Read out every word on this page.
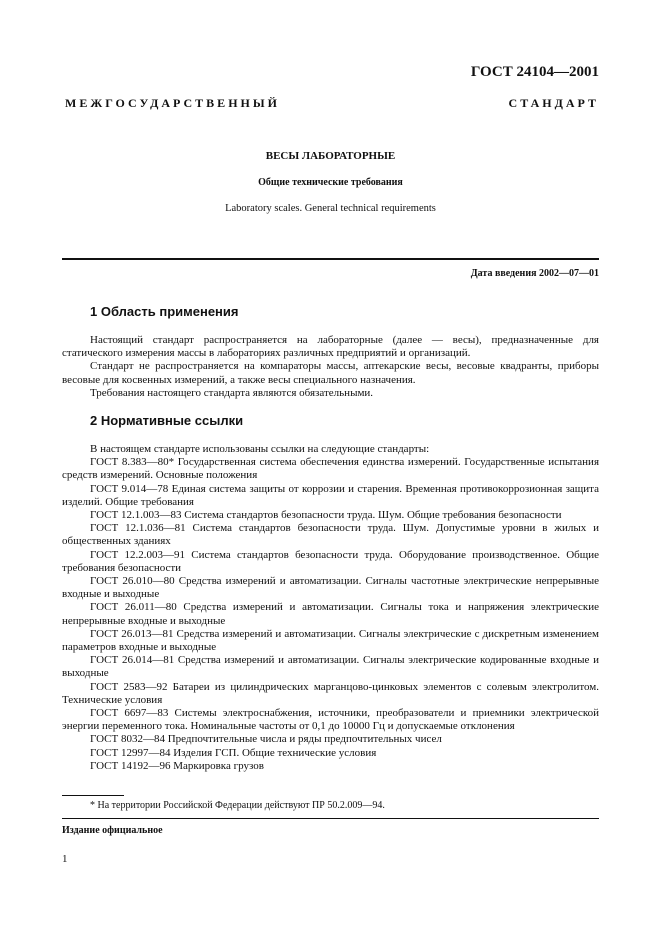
ГОСТ 24104—2001
МЕЖГОСУДАРСТВЕННЫЙ СТАНДАРТ
ВЕСЫ ЛАБОРАТОРНЫЕ
Общие технические требования
Laboratory scales. General technical requirements
Дата введения 2002—07—01
1 Область применения

Настоящий стандарт распространяется на лабораторные (далее — весы), предназначенные для статического измерения массы в лабораториях различных предприятий и организаций.

Стандарт не распространяется на компараторы массы, аптекарские весы, весовые квадранты, приборы весовые для косвенных измерений, а также весы специального назначения.

Требования настоящего стандарта являются обязательными.

2 Нормативные ссылки

В настоящем стандарте использованы ссылки на следующие стандарты:

ГОСТ 8.383—80* Государственная система обеспечения единства измерений. Государственные испытания средств измерений. Основные положения

ГОСТ 9.014—78 Единая система защиты от коррозии и старения. Временная противокоррозионная защита изделий. Общие требования

ГОСТ 12.1.003—83 Система стандартов безопасности труда. Шум. Общие требования безопасности

ГОСТ 12.1.036—81 Система стандартов безопасности труда. Шум. Допустимые уровни в жилых и общественных зданиях

ГОСТ 12.2.003—91 Система стандартов безопасности труда. Оборудование производственное. Общие требования безопасности

ГОСТ 26.010—80 Средства измерений и автоматизации. Сигналы частотные электрические непрерывные входные и выходные

ГОСТ 26.011—80 Средства измерений и автоматизации. Сигналы тока и напряжения электрические непрерывные входные и выходные

ГОСТ 26.013—81 Средства измерений и автоматизации. Сигналы электрические с дискретным изменением параметров входные и выходные

ГОСТ 26.014—81 Средства измерений и автоматизации. Сигналы электрические кодированные входные и выходные

ГОСТ 2583—92 Батареи из цилиндрических марганцово-цинковых элементов с солевым электролитом. Технические условия

ГОСТ 6697—83 Системы электроснабжения, источники, преобразователи и приемники электрической энергии переменного тока. Номинальные частоты от 0,1 до 10000 Гц и допускаемые отклонения

ГОСТ 8032—84 Предпочтительные числа и ряды предпочтительных чисел

ГОСТ 12997—84 Изделия ГСП. Общие технические условия

ГОСТ 14192—96 Маркировка грузов

* На территории Российской Федерации действуют ПР 50.2.009—94.
Издание официальное
1
